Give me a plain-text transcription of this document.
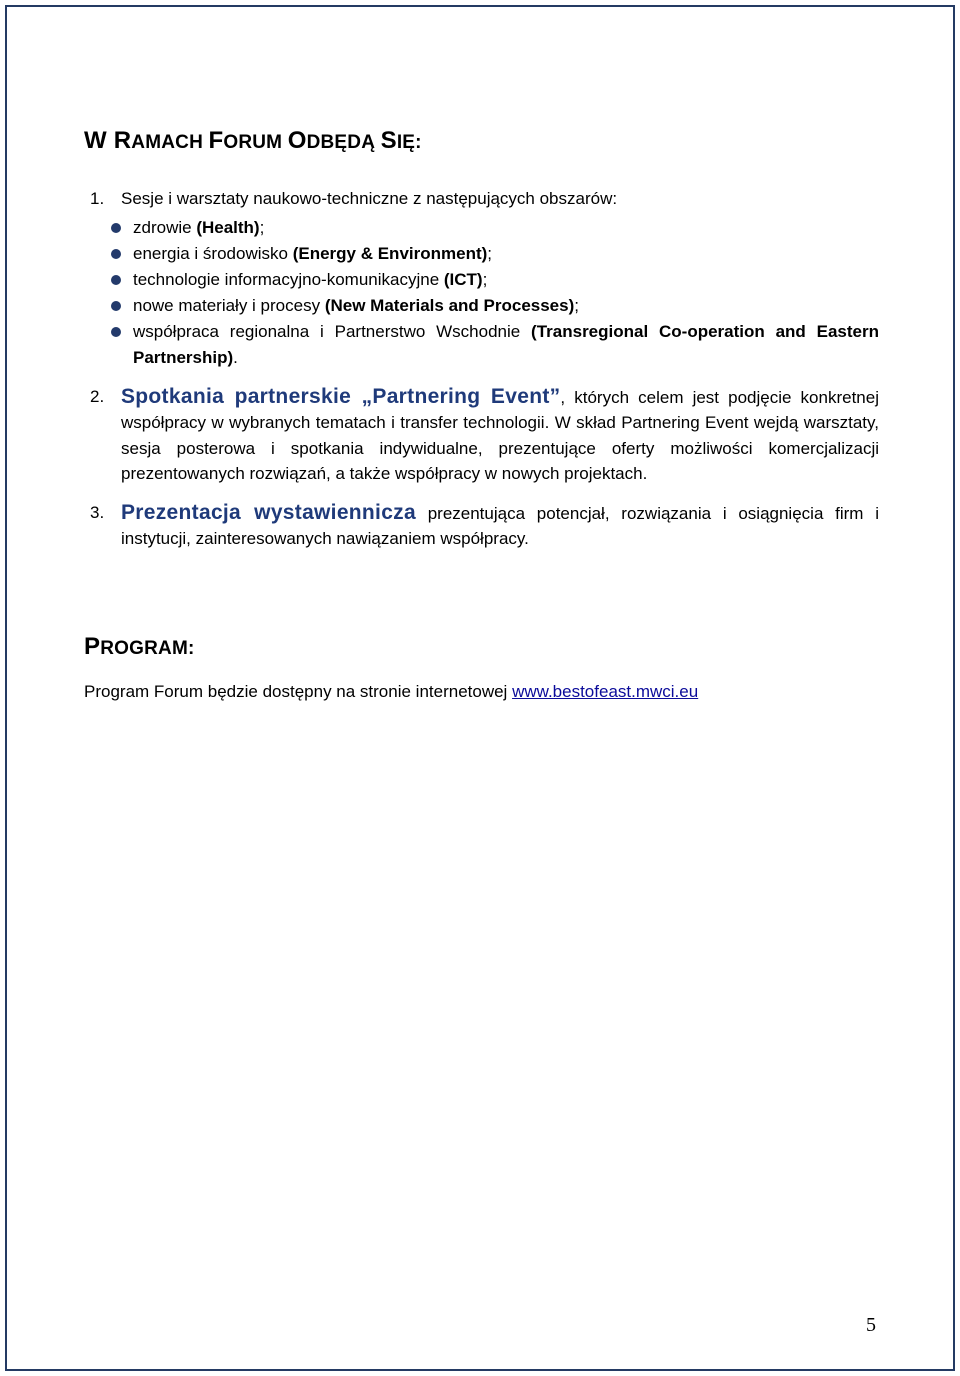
W RAMACH FORUM ODBĘDĄ SIĘ:
1. Sesje i warsztaty naukowo-techniczne z następujących obszarów:
zdrowie (Health);
energia i środowisko (Energy & Environment);
technologie informacyjno-komunikacyjne (ICT);
nowe materiały i procesy (New Materials and Processes);
współpraca regionalna i Partnerstwo Wschodnie (Transregional Co-operation and Eastern Partnership).
2. Spotkania partnerskie „Partnering Event”, których celem jest podjęcie konkretnej współpracy w wybranych tematach i transfer technologii. W skład Partnering Event wejdą warsztaty, sesja posterowa i spotkania indywidualne, prezentujące oferty możliwości komercjalizacji prezentowanych rozwiązań, a także współpracy w nowych projektach.
3. Prezentacja wystawiennicza prezentująca potencjał, rozwiązania i osiągnięcia firm i instytucji, zainteresowanych nawiązaniem współpracy.
PROGRAM:

Program Forum będzie dostępny na stronie internetowej www.bestofeast.mwci.eu

5
